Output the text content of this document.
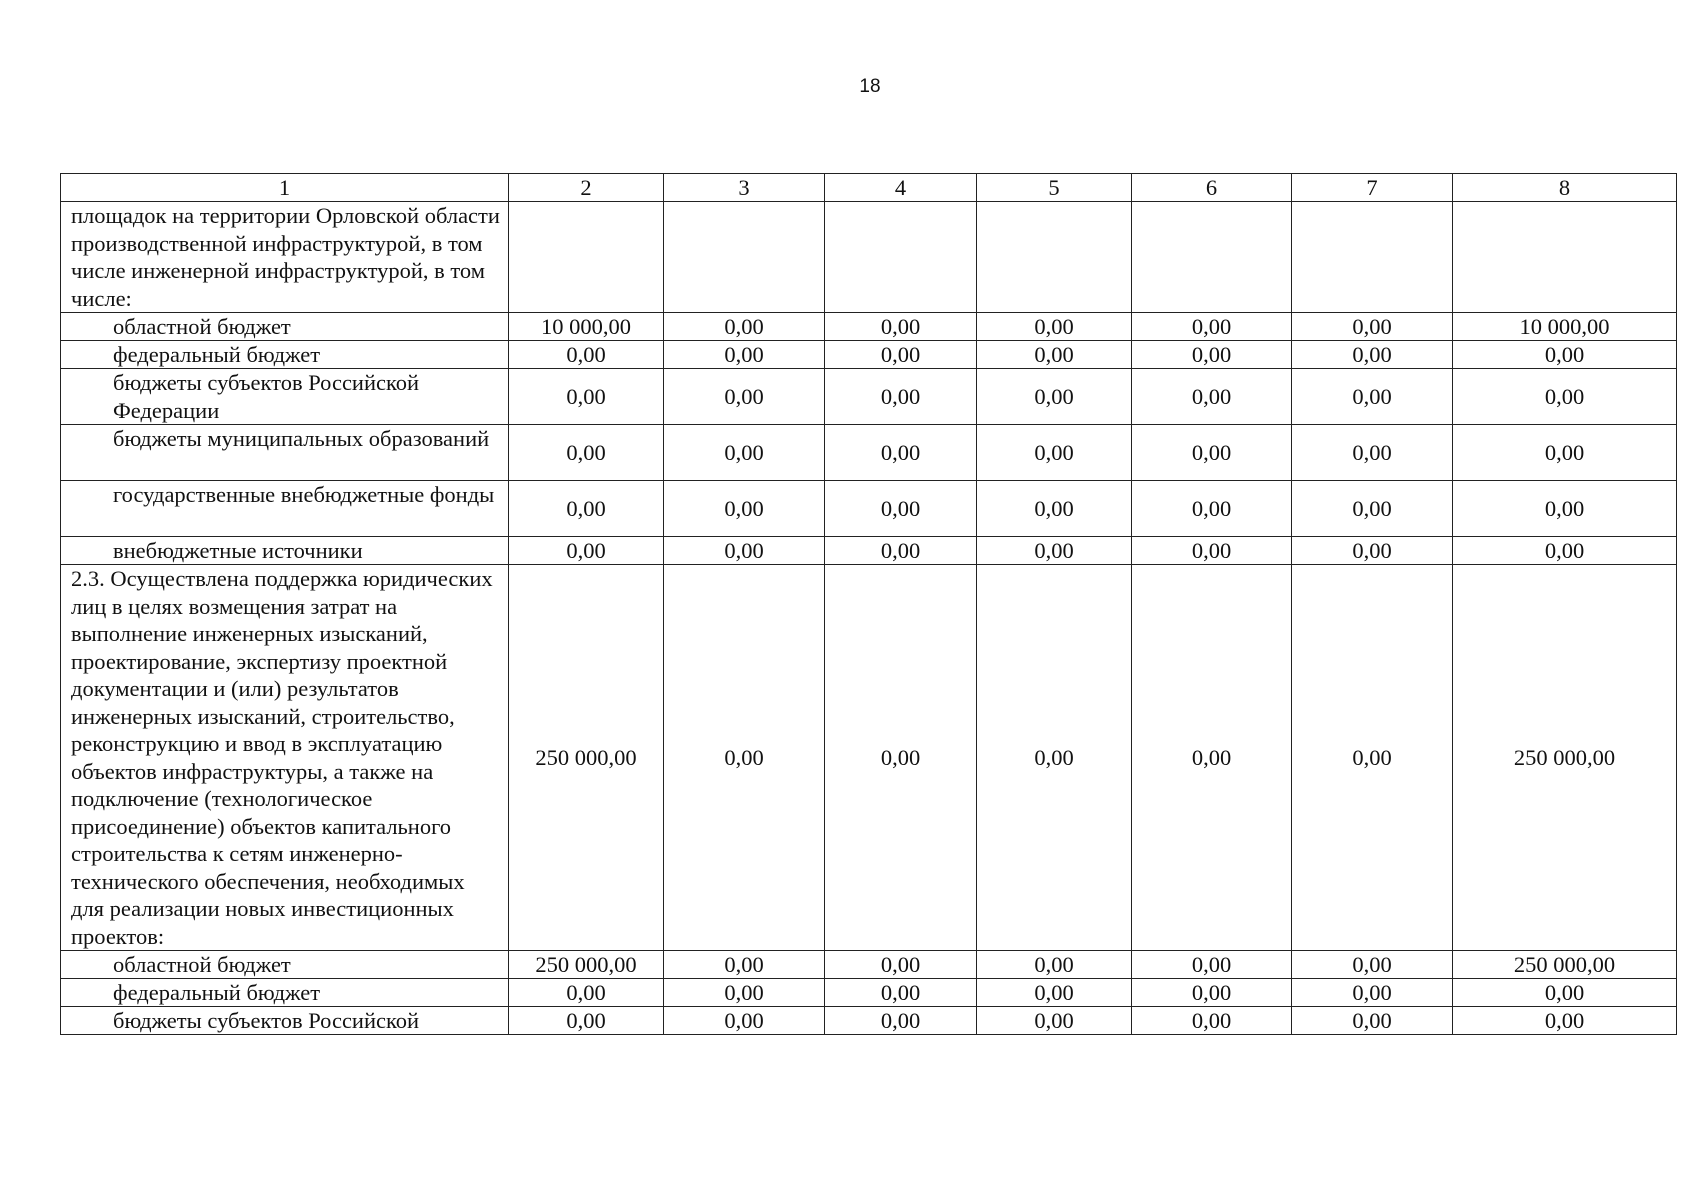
18
1	2	3	4	5	6	7	8
площадок на территории Орловской области производственной инфраструктурой, в том числе инженерной инфраструктурой, в том числе:							
областной бюджет	10 000,00	0,00	0,00	0,00	0,00	0,00	10 000,00
федеральный бюджет	0,00	0,00	0,00	0,00	0,00	0,00	0,00
бюджеты субъектов Российской Федерации	0,00	0,00	0,00	0,00	0,00	0,00	0,00
бюджеты муниципальных образований	0,00	0,00	0,00	0,00	0,00	0,00	0,00
государственные внебюджетные фонды	0,00	0,00	0,00	0,00	0,00	0,00	0,00
внебюджетные источники	0,00	0,00	0,00	0,00	0,00	0,00	0,00
2.3. Осуществлена поддержка юридических лиц в целях возмещения затрат на выполнение инженерных изысканий, проектирование, экспертизу проектной документации и (или) результатов инженерных изысканий, строительство, реконструкцию и ввод в эксплуатацию объектов инфраструктуры, а также на подключение (технологическое присоединение) объектов капитального строительства к сетям инженерно-технического обеспечения, необходимых для реализации новых инвестиционных проектов:	250 000,00	0,00	0,00	0,00	0,00	0,00	250 000,00
областной бюджет	250 000,00	0,00	0,00	0,00	0,00	0,00	250 000,00
федеральный бюджет	0,00	0,00	0,00	0,00	0,00	0,00	0,00
бюджеты субъектов Российской	0,00	0,00	0,00	0,00	0,00	0,00	0,00
